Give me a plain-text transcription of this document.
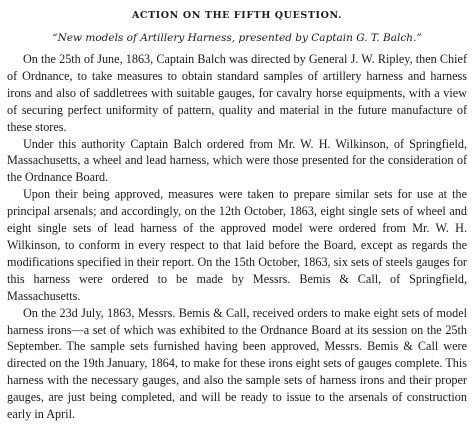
ACTION ON THE FIFTH QUESTION.
“New models of Artillery Harness, presented by Captain G. T. Balch.”

On the 25th of June, 1863, Captain Balch was directed by General J. W. Ripley, then Chief of Ordnance, to take measures to obtain standard samples of artillery harness and harness irons and also of saddletrees with suitable gauges, for cavalry horse equipments, with a view of securing perfect uniformity of pattern, quality and material in the future manufacture of these stores.

Under this authority Captain Balch ordered from Mr. W. H. Wilkinson, of Springfield, Massachusetts, a wheel and lead harness, which were those presented for the consideration of the Ordnance Board.

Upon their being approved, measures were taken to prepare similar sets for use at the principal arsenals; and accordingly, on the 12th October, 1863, eight single sets of wheel and eight single sets of lead harness of the approved model were ordered from Mr. W. H. Wilkinson, to conform in every respect to that laid before the Board, except as regards the modifications specified in their report. On the 15th October, 1863, six sets of steels gauges for this harness were ordered to be made by Messrs. Bemis & Call, of Springfield, Massachusetts.

On the 23d July, 1863, Messrs. Bemis & Call, received orders to make eight sets of model harness irons—a set of which was exhibited to the Ordnance Board at its session on the 25th September. The sample sets furnished having been approved, Messrs. Bemis & Call were directed on the 19th January, 1864, to make for these irons eight sets of gauges complete. This harness with the necessary gauges, and also the sample sets of harness irons and their proper gauges, are just being completed, and will be ready to issue to the arsenals of construction early in April.
